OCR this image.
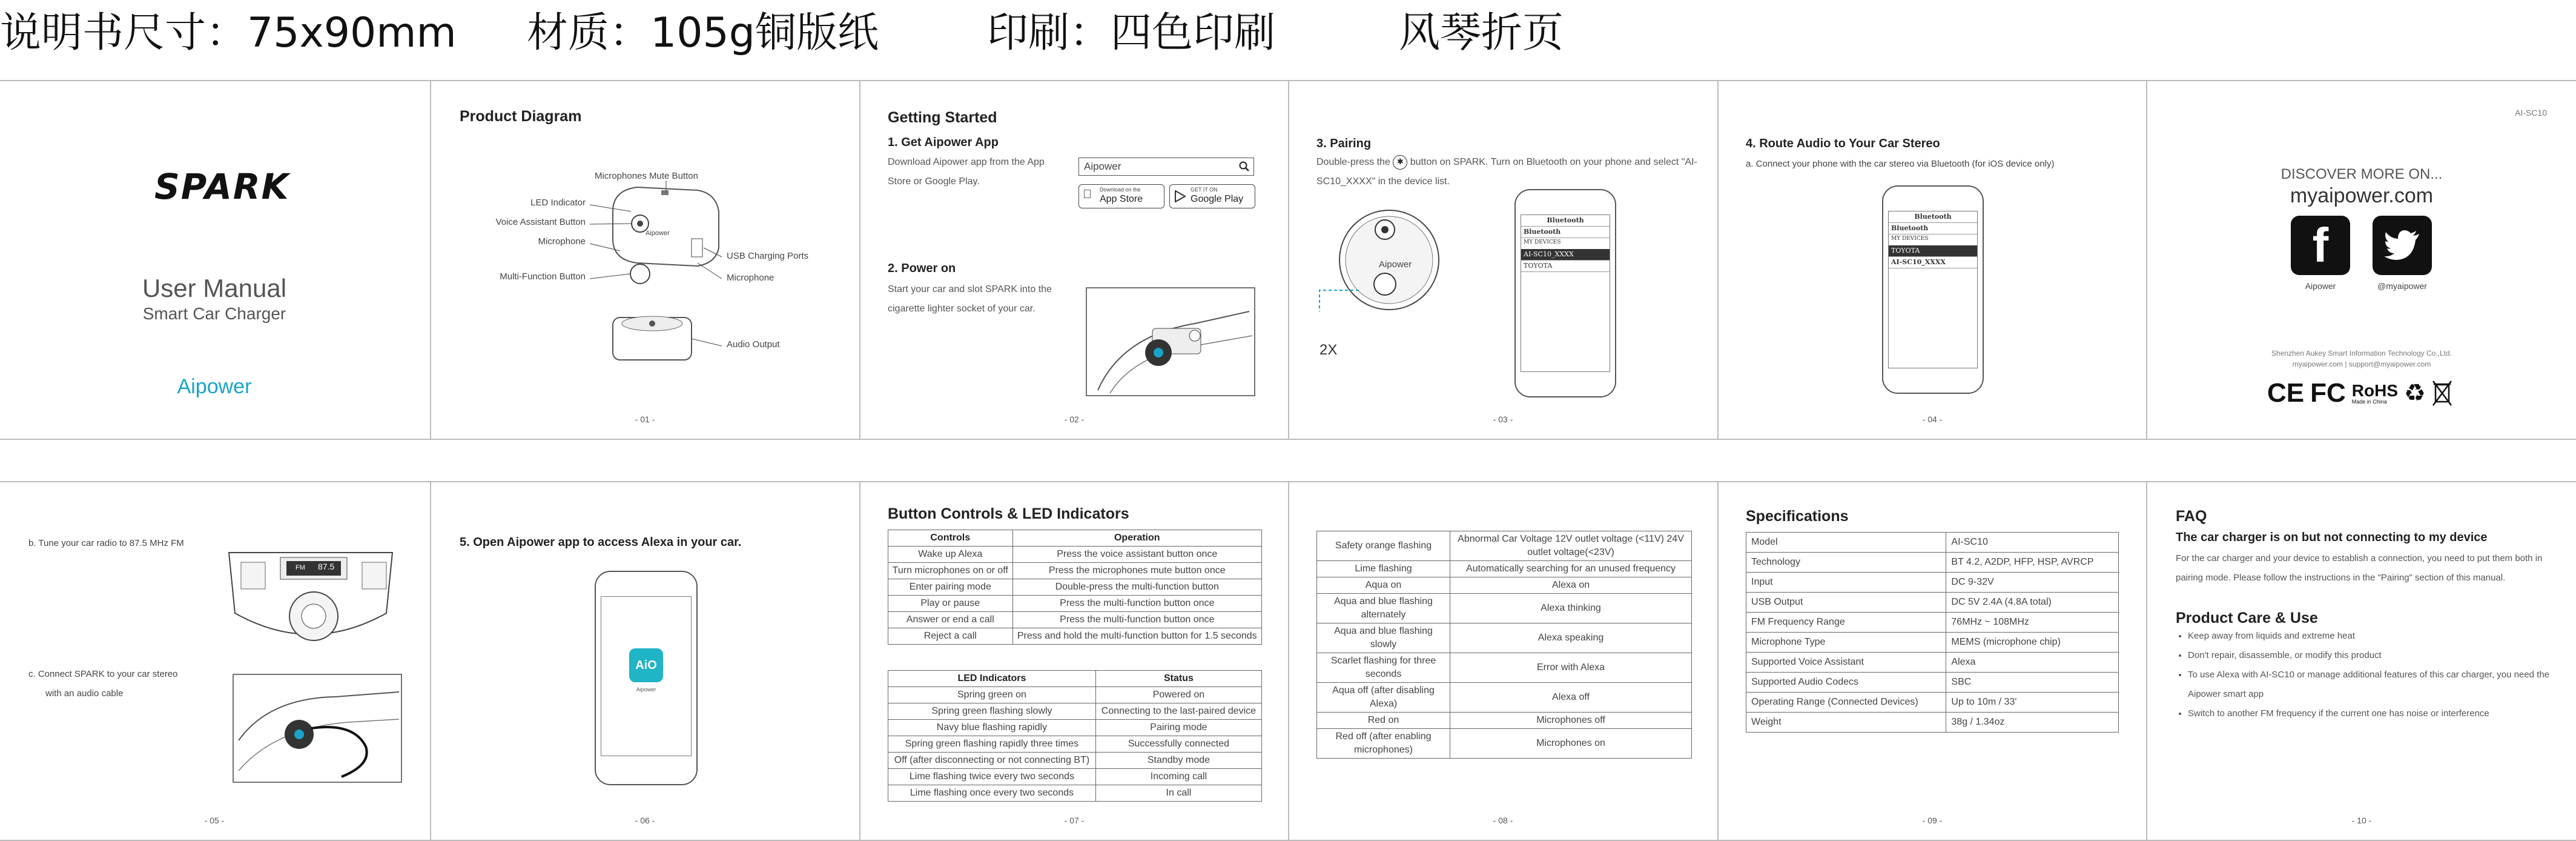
说明书尺寸：75x90mm 材质：105g铜版纸	印刷：四色印刷	风琴折页
SPARK
User Manual
Smart Car Charger
Aipower
Product Diagram
Aipower
Microphones Mute Button
LED Indicator
Voice Assistant Button
Microphone
Multi-Function Button
USB Charging Ports
Microphone
Audio Output
- 01 -
Getting Started
1. Get Aipower App
Download Aipower app from the App Store or Google Play.
Aipower
Download on the
App Store
GET IT ON
Google Play
2. Power on
Start your car and slot SPARK into the cigarette lighter socket of your car.
- 02 -
3. Pairing
Double-press the ✱ button on SPARK. Turn on Bluetooth on your phone and select "AI-SC10_XXXX" in the device list.
Aipower
2X
Bluetooth
Bluetooth
MY DEVICES
AI-SC10_XXXX
TOYOTA
- 03 -
4. Route Audio to Your Car Stereo
a. Connect your phone with the car stereo via Bluetooth (for iOS device only)
Bluetooth
Bluetooth
MY DEVICES
TOYOTA
AI-SC10_XXXX
- 04 -
AI-SC10
DISCOVER MORE ON...
myaipower.com
f
Aipower	@myaipower
Shenzhen Aukey Smart Information Technology Co.,Ltd.
myaipower.com | support@myaipower.com
CE FC RoHS
Made in China ♻
b. Tune your car radio to 87.5 MHz FM
FM 87.5
c. Connect SPARK to your car stereo
with an audio cable
- 05 -
5. Open Aipower app to access Alexa in your car.
AiO
Aipower
- 06 -
Button Controls & LED Indicators
Controls	Operation
Wake up Alexa	Press the voice assistant button once
Turn microphones on or off	Press the microphones mute button once
Enter pairing mode	Double-press the multi-function button
Play or pause	Press the multi-function button once
Answer or end a call	Press the multi-function button once
Reject a call	Press and hold the multi-function button for 1.5 seconds
LED Indicators	Status
Spring green on	Powered on
Spring green flashing slowly	Connecting to the last-paired device
Navy blue flashing rapidly	Pairing mode
Spring green flashing rapidly three times	Successfully connected
Off (after disconnecting or not connecting BT)	Standby mode
Lime flashing twice every two seconds	Incoming call
Lime flashing once every two seconds	In call
- 07 -
Safety orange flashing	Abnormal Car Voltage 12V outlet voltage (<11V) 24V outlet voltage(<23V)
Lime flashing	Automatically searching for an unused frequency
Aqua on	Alexa on
Aqua and blue flashing alternately	Alexa thinking
Aqua and blue flashing slowly	Alexa speaking
Scarlet flashing for three seconds	Error with Alexa
Aqua off (after disabling Alexa)	Alexa off
Red on	Microphones off
Red off (after enabling microphones)	Microphones on
- 08 -
Specifications
Model	AI-SC10
Technology	BT 4.2, A2DP, HFP, HSP, AVRCP
Input	DC 9-32V
USB Output	DC 5V 2.4A (4.8A total)
FM Frequency Range	76MHz ~ 108MHz
Microphone Type	MEMS (microphone chip)
Supported Voice Assistant	Alexa
Supported Audio Codecs	SBC
Operating Range (Connected Devices)	Up to 10m / 33'
Weight	38g / 1.34oz
- 09 -
FAQ
The car charger is on but not connecting to my device
For the car charger and your device to establish a connection, you need to put them both in pairing mode. Please follow the instructions in the "Pairing" section of this manual.
Product Care & Use
• Keep away from liquids and extreme heat
• Don't repair, disassemble, or modify this product
• To use Alexa with AI-SC10 or manage additional features of this car charger, you need the Aipower smart app
• Switch to another FM frequency if the current one has noise or interference
- 10 -
